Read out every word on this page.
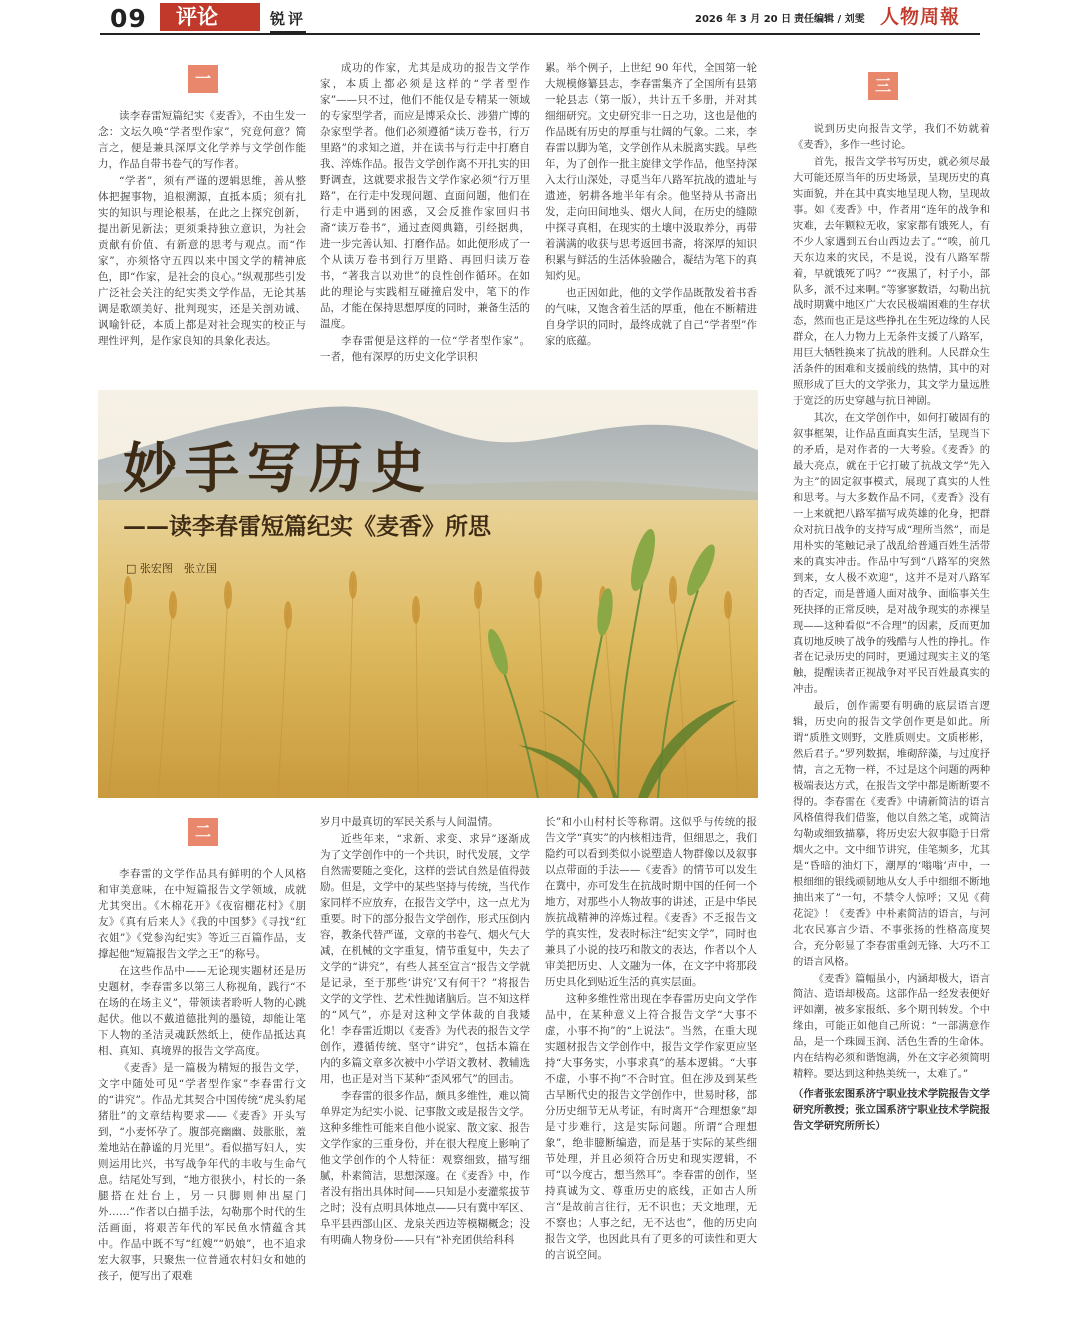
09	评论	锐评	2026 年 3 月 20 日 责任编辑 / 刘雯 人物周報
一

读李春雷短篇纪实《麦香》，不由生发一念：文坛久唤“学者型作家”，究竟何意？简言之，便是兼具深厚文化学养与文学创作能力，作品自带书卷气的写作者。

“学者”，须有严谨的逻辑思维，善从整体把握事物，追根溯源，直抵本质；须有扎实的知识与理论根基，在此之上探究创新，提出新见新法；更须秉持独立意识，为社会贡献有价值、有新意的思考与观点。而“作家”，亦须恪守五四以来中国文学的精神底色，即“作家，是社会的良心。”纵观那些引发广泛社会关注的纪实类文学作品，无论其基调是歌颂美好、批判现实，还是关剖劝诫、讽喻针砭，本质上都是对社会现实的校正与理性评判，是作家良知的具象化表达。

成功的作家，尤其是成功的报告文学作家，本质上都必须是这样的“学者型作家”——只不过，他们不能仅是专精某一领域的专家型学者，而应是博采众长、涉猎广博的杂家型学者。他们必须遵循“读万卷书，行万里路”的求知之道，并在读书与行走中打磨自我、淬炼作品。报告文学创作离不开扎实的田野调查，这就要求报告文学作家必须“行万里路”，在行走中发现问题、直面问题，他们在行走中遇到的困惑，又会反推作家回归书斋“读万卷书”，通过查阅典籍，引经据典，进一步完善认知、打磨作品。如此便形成了一个从读万卷书到行万里路、再回归读万卷书，“著我言以劝世”的良性创作循环。在如此的理论与实践相互碰撞启发中，笔下的作品，才能在保持思想厚度的同时，兼备生活的温度。

李春雷便是这样的一位“学者型作家”。一者，他有深厚的历史文化学识积

累。举个例子，上世纪 90 年代，全国第一轮大规模修纂县志，李春雷集齐了全国所有县第一轮县志（第一版），共计五千多册，并对其细细研究。文史研究非一日之功，这也是他的作品既有历史的厚重与壮阔的气象。二来，李春雷以脚为笔，文学创作从未脱离实践。早些年，为了创作一批主旋律文学作品，他坚持深入太行山深处，寻觅当年八路军抗战的遗址与遗迹，躬耕各地半年有余。他坚持从书斋出发，走向田间地头、烟火人间，在历史的缝隙中探寻真相，在现实的土壤中汲取养分，再带着满满的收获与思考返回书斋，将深厚的知识积累与鲜活的生活体验融合，凝结为笔下的真知灼见。

也正因如此，他的文学作品既散发着书香的气味，又饱含着生活的厚重，他在不断精进自身学识的同时，最终成就了自己“学者型”作家的底蕴。

三

说到历史向报告文学，我们不妨就着《麦香》，多作一些讨论。

首先，报告文学书写历史，就必须尽最大可能还原当年的历史场景，呈现历史的真实面貌，并在其中真实地呈现人物，呈现故事。如《麦香》中，作者用“连年的战争和灾难，去年颗粒无收，家家都有饿死人，有不少人家遇到五台山西边去了。”“唉，前几天东边来的灾民，不是说，没有八路军帮着，早就饿死了吗？”“夜黑了，村子小，部队多，派不过来啊。”等寥寥数语，勾勒出抗战时期冀中地区广大农民极端困难的生存状态，然而也正是这些挣扎在生死边缘的人民群众，在人力物力上无条件支援了八路军，用巨大牺牲换来了抗战的胜利。人民群众生活条件的困难和支援前线的热情，其中的对照形成了巨大的文学张力，其文学力量远胜于宽泛的历史穿越与抗日神剧。

其次，在文学创作中，如何打破固有的叙事框架，让作品直面真实生活，呈现当下的矛盾，是对作者的一大考验。《麦香》的最大亮点，就在于它打破了抗战文学“先入为主”的固定叙事模式，展现了真实的人性和思考。与大多数作品不同，《麦香》没有一上来就把八路军描写成英雄的化身，把群众对抗日战争的支持写成“理所当然”，而是用朴实的笔触记录了战乱给普通百姓生活带来的真实冲击。作品中写到“八路军的突然到来，女人极不欢迎”，这并不是对八路军的否定，而是普通人面对战争、面临事关生死抉择的正常反映，是对战争现实的赤裸呈现——这种看似“不合理”的因素，反而更加真切地反映了战争的残酷与人性的挣扎。作者在记录历史的同时，更通过现实主义的笔触，提醒读者正视战争对平民百姓最真实的冲击。

最后，创作需要有明确的底层语言逻辑，历史向的报告文学创作更是如此。所谓“质胜文则野，文胜质则史。文质彬彬，然后君子。”罗列数据，堆砌辞藻，与过度抒情，言之无物一样，不过是这个问题的两种极端表达方式，在报告文学中都是断断要不得的。李春雷在《麦香》中请新简洁的语言风格值得我们借鉴，他以自然之笔，或简洁勾勒或细致描摹，将历史宏大叙事隐于日常烟火之中。文中细节讲究，佳笔频多，尤其是“昏暗的油灯下，潮厚的‘嗡嗡’声中，一根细细的银线顽韧地从女人手中细细不断地抽出来了”一句，不禁令人惊呼；又见《荷花淀》！《麦香》中朴素简洁的语言，与河北农民寡言少语、不事张扬的性格高度契合，充分彰显了李春雷重剑无锋、大巧不工的语言风格。

《麦香》篇幅虽小，内涵却极大，语言简洁、造语却极高。这部作品一经发表便好评如潮，被多家报纸、多个期刊转发。个中缘由，可能正如他自己所说：“一部满意作品，是一个珠圆玉润、活色生香的生命体。内在结构必须和谐饱满，外在文字必须简明精粹。要达到这种热美统一，太难了。”

（作者张宏图系济宁职业技术学院报告文学研究所教授；张立国系济宁职业技术学院报告文学研究所所长）

妙手写历史
——读李春雷短篇纪实《麦香》所思
□ 张宏图　张立国
二

李春雷的文学作品具有鲜明的个人风格和审美意味，在中短篇报告文学领域，成就尤其突出。《木棉花开》《夜宿棚花村》《朋友》《真有后来人》《我的中国梦》《寻找“红衣姐”》《党参沟纪实》等近三百篇作品，支撑起他“短篇报告文学之王”的称号。

在这些作品中——无论现实题材还是历史题材，李春雷多以第三人称视角，践行“不在场的在场主义”，带领读者聆听人物的心跳起伏。他以不戴道德批判的墨镜，却能让笔下人物的圣洁灵魂跃然纸上，使作品抵达真相、真知、真境界的报告文学高度。

《麦香》是一篇极为精短的报告文学，文字中随处可见“学者型作家”李春雷行文的“讲究”。作品尤其契合中国传统“虎头豹尾猪肚”的文章结构要求——《麦香》开头写到，“小麦怀孕了。腹部亮幽幽、鼓胀胀，羞羞地站在静谧的月光里”。看似描写妇人，实则运用比兴，书写战争年代的丰收与生命气息。结尾处写到，“地方很狭小，村长的一条腿搭在灶台上，另一只脚则伸出屋门外……”作者以白描手法，勾勒那个时代的生活画面，将艰苦年代的军民鱼水情蕴含其中。作品中既不写“红嫂”“奶娘”，也不追求宏大叙事，只聚焦一位普通农村妇女和她的孩子，便写出了艰难

岁月中最真切的军民关系与人间温情。

近些年来，“求新、求变、求异”逐渐成为了文学创作中的一个共识，时代发展，文学自然需要随之变化，这样的尝试自然是值得鼓励。但是，文学中的某些坚持与传统，当代作家同样不应放弃，在报告文学中，这一点尤为重要。时下的部分报告文学创作，形式压倒内容，教条代替严谨，文章的书卷气、烟火气大减，在机械的文字重复，情节重复中，失去了文学的“讲究”，有些人甚至宣言“报告文学就是记录，至于那些‘讲究’又有何干？”将报告文学的文学性、艺术性抛诸脑后。岂不知这样的“风气”，亦是对这种文学体裁的自我矮化！李春雷近期以《麦香》为代表的报告文学创作，遵循传统、坚守“讲究”，包括本篇在内的多篇文章多次被中小学语文教材、教辅选用，也正是对当下某种“歪风邪气”的回击。

李春雷的很多作品，颇具多维性，难以简单界定为纪实小说、记事散文或是报告文学。这种多维性可能来自他小说家、散文家、报告文学作家的三重身份，并在很大程度上影响了他文学创作的个人特征：观察细致，描写细腻，朴素简洁，思想深邃。在《麦香》中，作者没有指出具体时间——只知是小麦灌浆拔节之时；没有点明具体地点——只有冀中军区、阜平县西部山区、龙泉关西边等模糊概念；没有明确人物身份——只有“补充团供给科科

长”和小山村村长等称谓。这似乎与传统的报告文学“真实”的内核相违背，但细思之，我们隐约可以看到类似小说塑造人物群像以及叙事以点带面的手法——《麦香》的情节可以发生在冀中，亦可发生在抗战时期中国的任何一个地方，对那些小人物故事的讲述，正是中华民族抗战精神的淬炼过程。《麦香》不乏报告文学的真实性，发表时标注“纪实文学”，同时也兼具了小说的技巧和散文的表达，作者以个人审美把历史、人文融为一体，在文字中将那段历史具化到贴近生活的真实层面。

这种多维性常出现在李春雷历史向文学作品中，在某种意义上符合报告文学“大事不虚，小事不拘”的“上说法”。当然，在重大现实题材报告文学创作中，报告文学作家更应坚持“大事务实，小事求真”的基本逻辑。“大事不虚，小事不拘”不合时宜。但在涉及到某些古早断代史的报告文学创作中，世易时移，部分历史细节无从考证，有时离开“合理想象”却是寸步难行，这是实际问题。所谓“合理想象”，绝非臆断编造，而是基于实际的某些细节处理，并且必须符合历史和现实逻辑，不可“以今度古，想当然耳”。李春雷的创作，坚持真诚为文、尊重历史的底线，正如古人所言“是故前言往行，无不识也；天文地理，无不察也；人事之纪，无不达也”，他的历史向报告文学，也因此具有了更多的可读性和更大的言说空间。
